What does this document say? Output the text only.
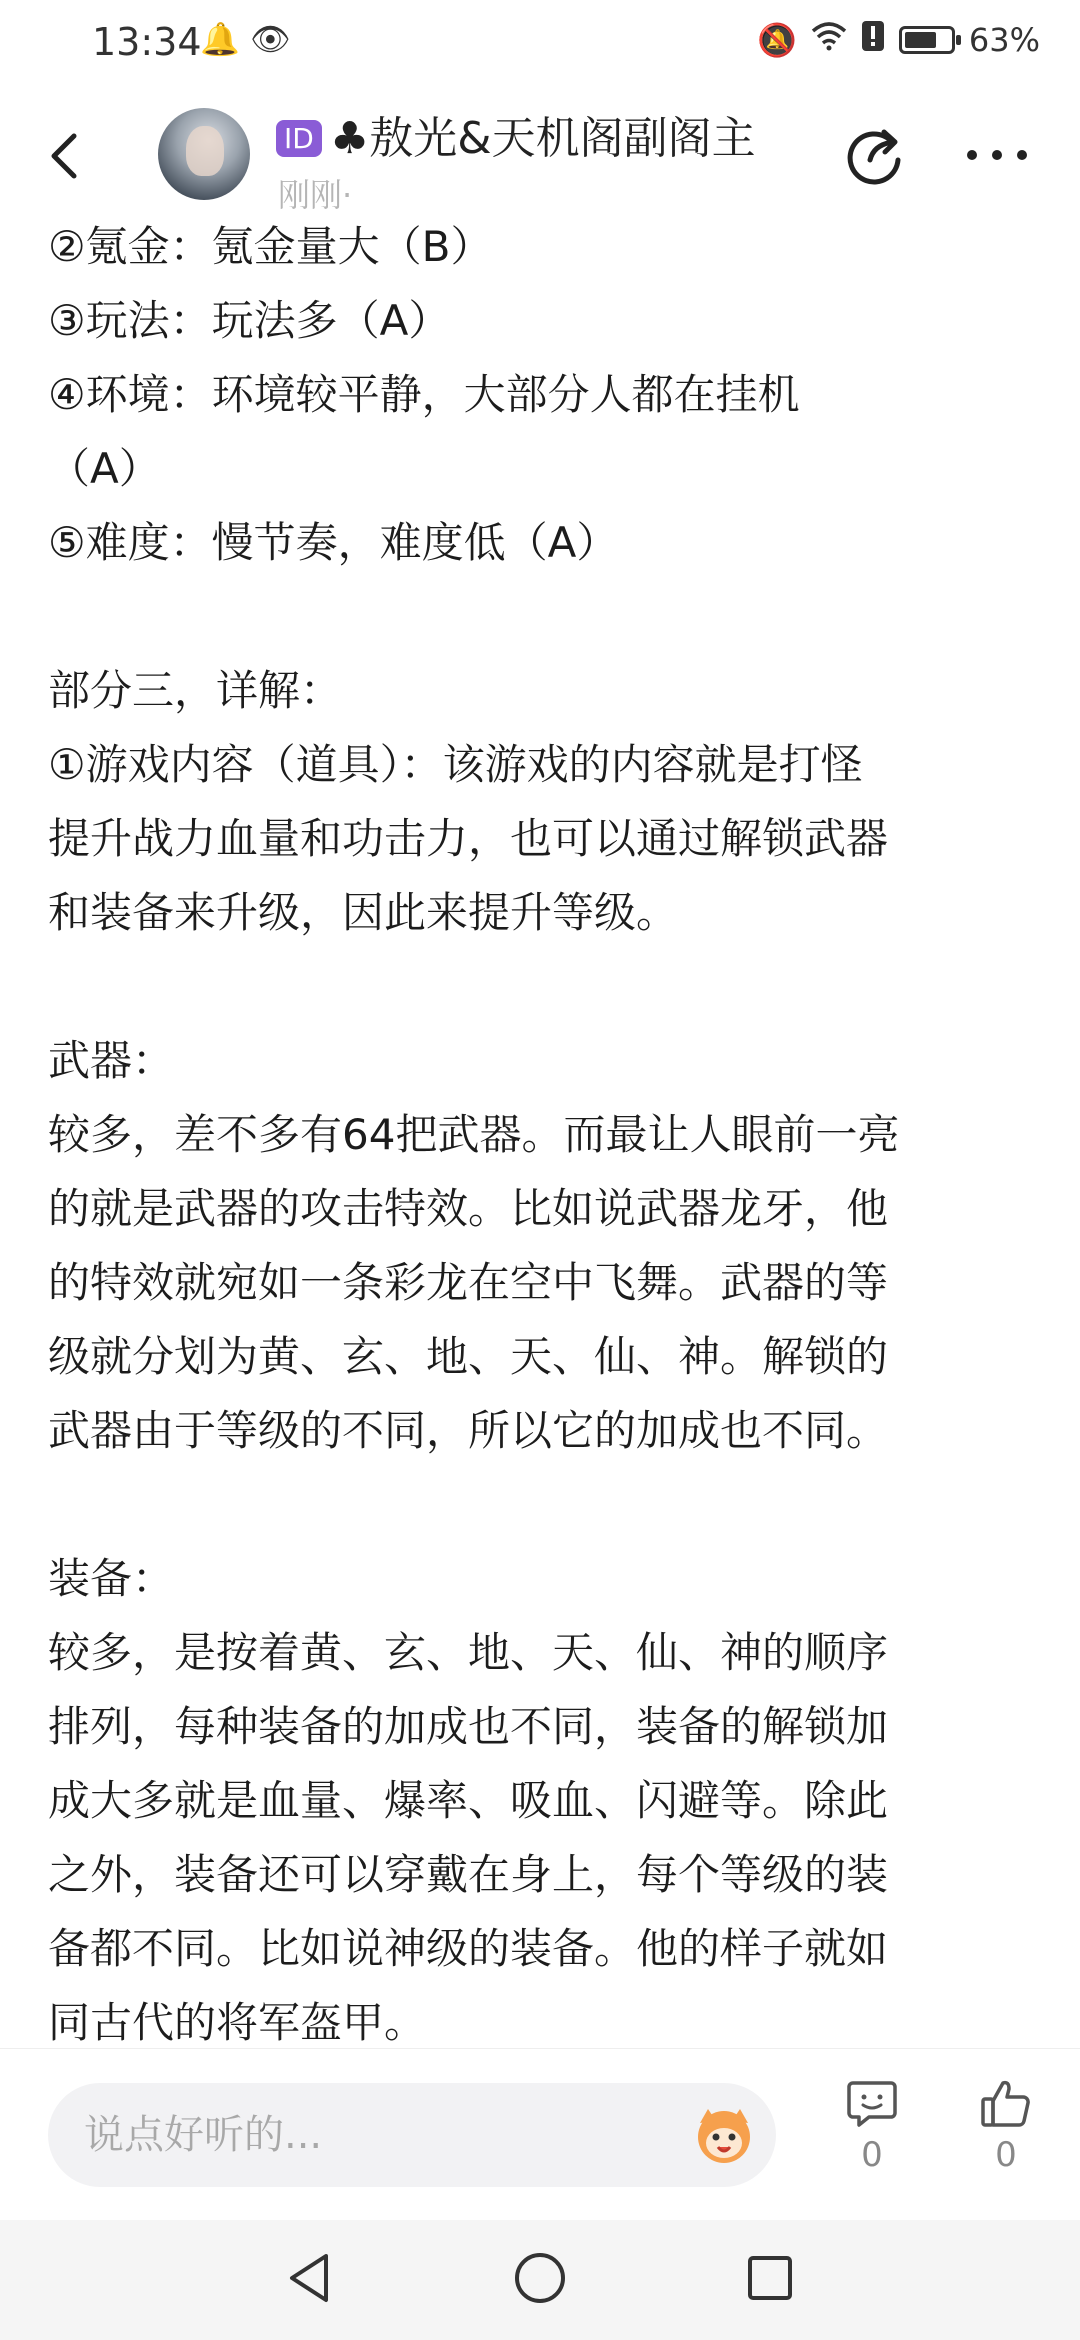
13:34
🔔 👁	🔕	63%
ID ♣敖光&天机阁副阁主
刚刚·

②氪金：氪金量大（B）

③玩法：玩法多（A）

④环境：环境较平静，大部分人都在挂机

（A）

⑤难度：慢节奏，难度低（A）

部分三，详解：

①游戏内容（道具）：该游戏的内容就是打怪

提升战力血量和功击力，也可以通过解锁武器

和装备来升级，因此来提升等级。

武器：

较多，差不多有64把武器。而最让人眼前一亮

的就是武器的攻击特效。比如说武器龙牙，他

的特效就宛如一条彩龙在空中飞舞。武器的等

级就分划为黄、玄、地、天、仙、神。解锁的

武器由于等级的不同，所以它的加成也不同。

装备：

较多，是按着黄、玄、地、天、仙、神的顺序

排列，每种装备的加成也不同，装备的解锁加

成大多就是血量、爆率、吸血、闪避等。除此

之外，装备还可以穿戴在身上，每个等级的装

备都不同。比如说神级的装备。他的样子就如

同古代的将军盔甲。

说点好听的...	0	0
